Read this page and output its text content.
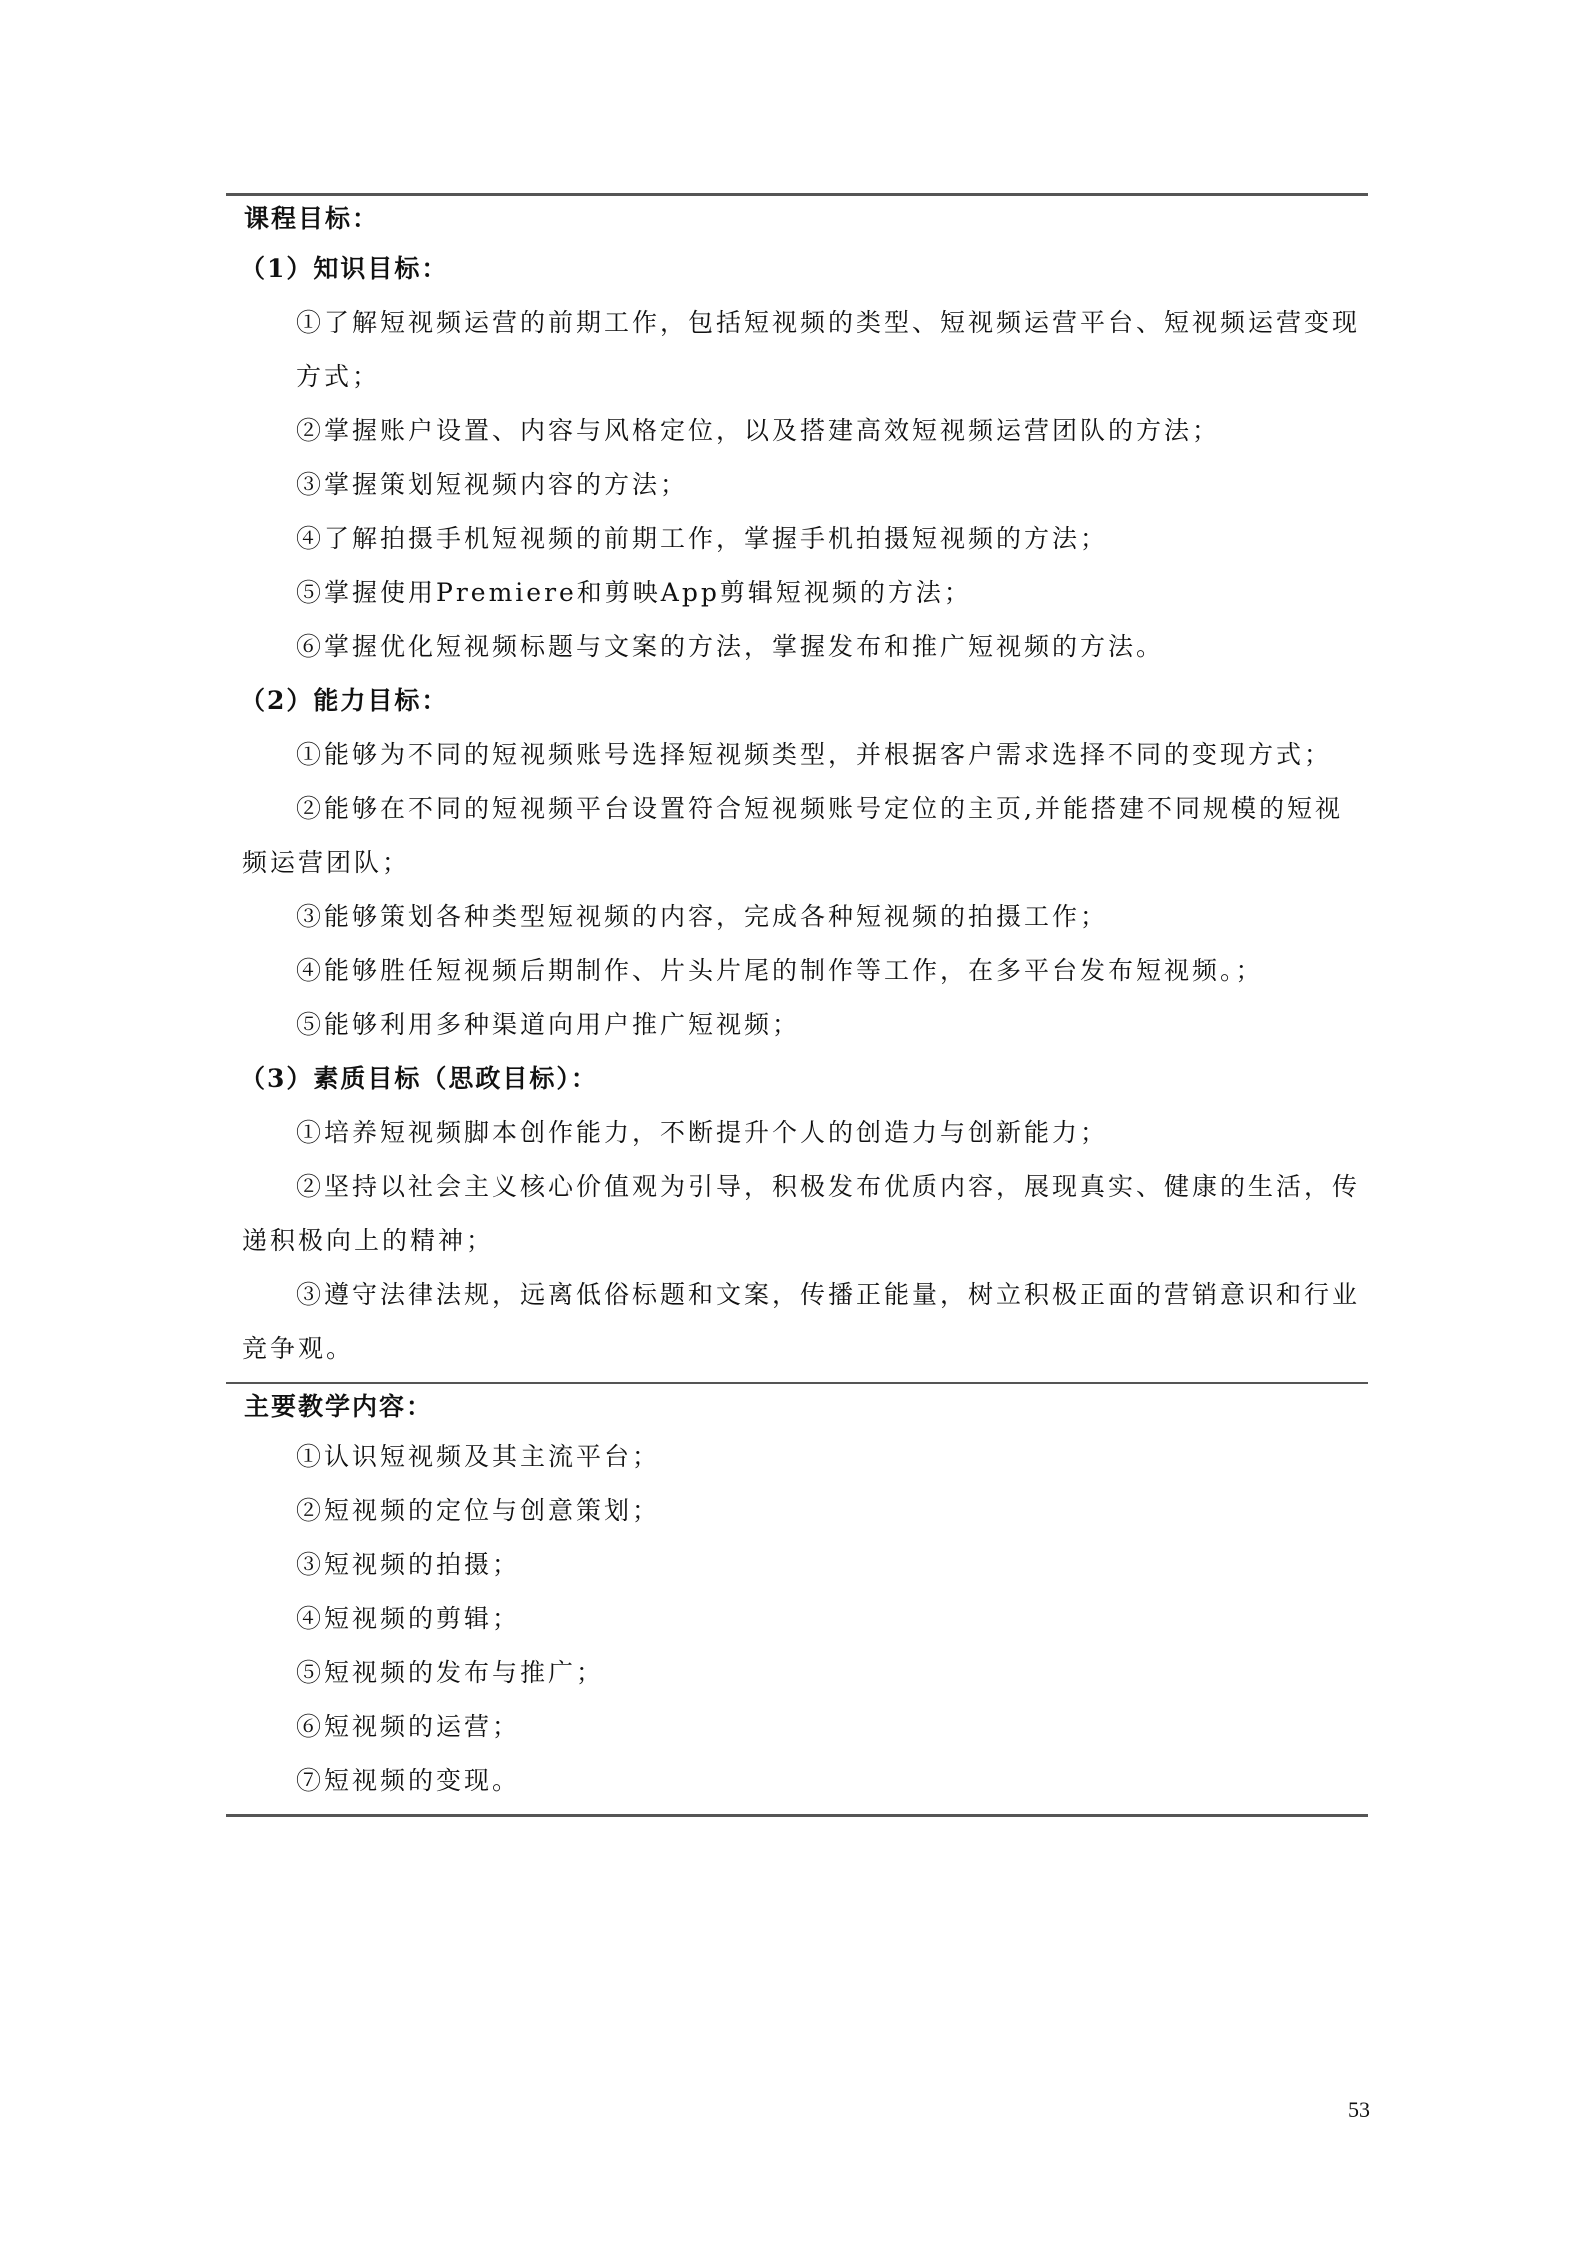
课程目标：
（1）知识目标：
①了解短视频运营的前期工作，包括短视频的类型、短视频运营平台、短视频运营变现
方式；
②掌握账户设置、内容与风格定位，以及搭建高效短视频运营团队的方法；
③掌握策划短视频内容的方法；
④了解拍摄手机短视频的前期工作，掌握手机拍摄短视频的方法；
⑤掌握使用Premiere和剪映App剪辑短视频的方法；
⑥掌握优化短视频标题与文案的方法，掌握发布和推广短视频的方法。
（2）能力目标：
①能够为不同的短视频账号选择短视频类型，并根据客户需求选择不同的变现方式；
②能够在不同的短视频平台设置符合短视频账号定位的主页,并能搭建不同规模的短视
频运营团队；
③能够策划各种类型短视频的内容，完成各种短视频的拍摄工作；
④能够胜任短视频后期制作、片头片尾的制作等工作，在多平台发布短视频。；
⑤能够利用多种渠道向用户推广短视频；
（3）素质目标（思政目标）：
①培养短视频脚本创作能力，不断提升个人的创造力与创新能力；
②坚持以社会主义核心价值观为引导，积极发布优质内容，展现真实、健康的生活，传
递积极向上的精神；
③遵守法律法规，远离低俗标题和文案，传播正能量，树立积极正面的营销意识和行业
竞争观。
主要教学内容：
①认识短视频及其主流平台；
②短视频的定位与创意策划；
③短视频的拍摄；
④短视频的剪辑；
⑤短视频的发布与推广；
⑥短视频的运营；
⑦短视频的变现。
53
